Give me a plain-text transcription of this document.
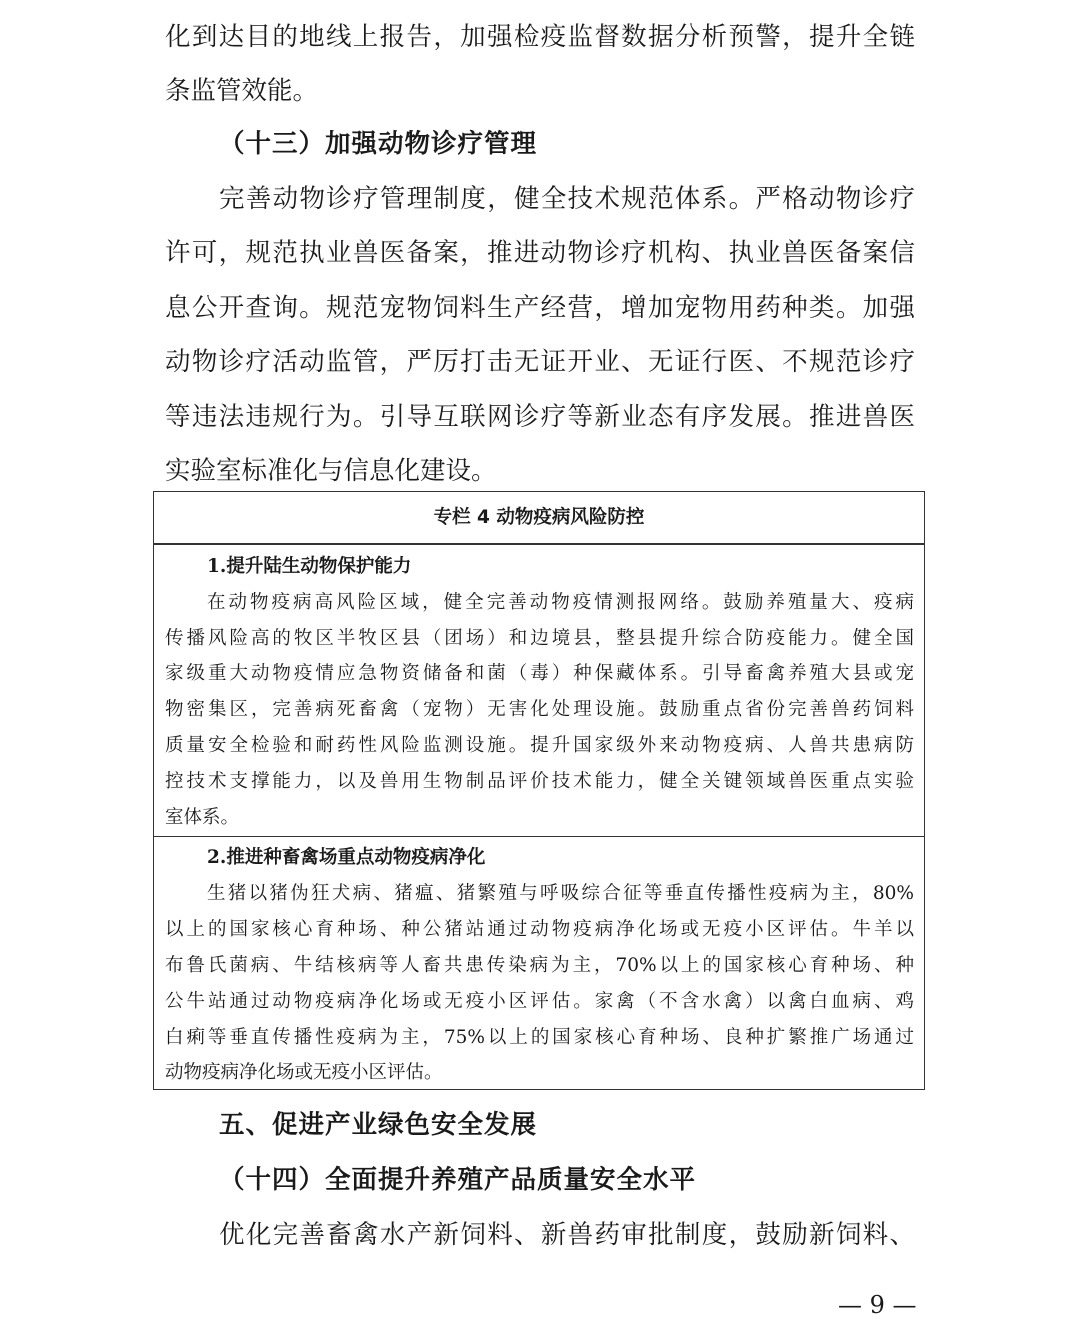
化到达目的地线上报告，加强检疫监督数据分析预警，提升全链

条监管效能。

（十三）加强动物诊疗管理

完善动物诊疗管理制度，健全技术规范体系。严格动物诊疗

许可，规范执业兽医备案，推进动物诊疗机构、执业兽医备案信

息公开查询。规范宠物饲料生产经营，增加宠物用药种类。加强

动物诊疗活动监管，严厉打击无证开业、无证行医、不规范诊疗

等违法违规行为。引导互联网诊疗等新业态有序发展。推进兽医

实验室标准化与信息化建设。

专栏 4 动物疫病风险防控

1.提升陆生动物保护能力

在动物疫病高风险区域，健全完善动物疫情测报网络。鼓励养殖量大、疫病

传播风险高的牧区半牧区县（团场）和边境县，整县提升综合防疫能力。健全国

家级重大动物疫情应急物资储备和菌（毒）种保藏体系。引导畜禽养殖大县或宠

物密集区，完善病死畜禽（宠物）无害化处理设施。鼓励重点省份完善兽药饲料

质量安全检验和耐药性风险监测设施。提升国家级外来动物疫病、人兽共患病防

控技术支撑能力，以及兽用生物制品评价技术能力，健全关键领域兽医重点实验

室体系。

2.推进种畜禽场重点动物疫病净化

生猪以猪伪狂犬病、猪瘟、猪繁殖与呼吸综合征等垂直传播性疫病为主，80%

以上的国家核心育种场、种公猪站通过动物疫病净化场或无疫小区评估。牛羊以

布鲁氏菌病、牛结核病等人畜共患传染病为主，70%以上的国家核心育种场、种

公牛站通过动物疫病净化场或无疫小区评估。家禽（不含水禽）以禽白血病、鸡

白痢等垂直传播性疫病为主，75%以上的国家核心育种场、良种扩繁推广场通过

动物疫病净化场或无疫小区评估。

五、促进产业绿色安全发展

（十四）全面提升养殖产品质量安全水平

优化完善畜禽水产新饲料、新兽药审批制度，鼓励新饲料、

— 9 —
